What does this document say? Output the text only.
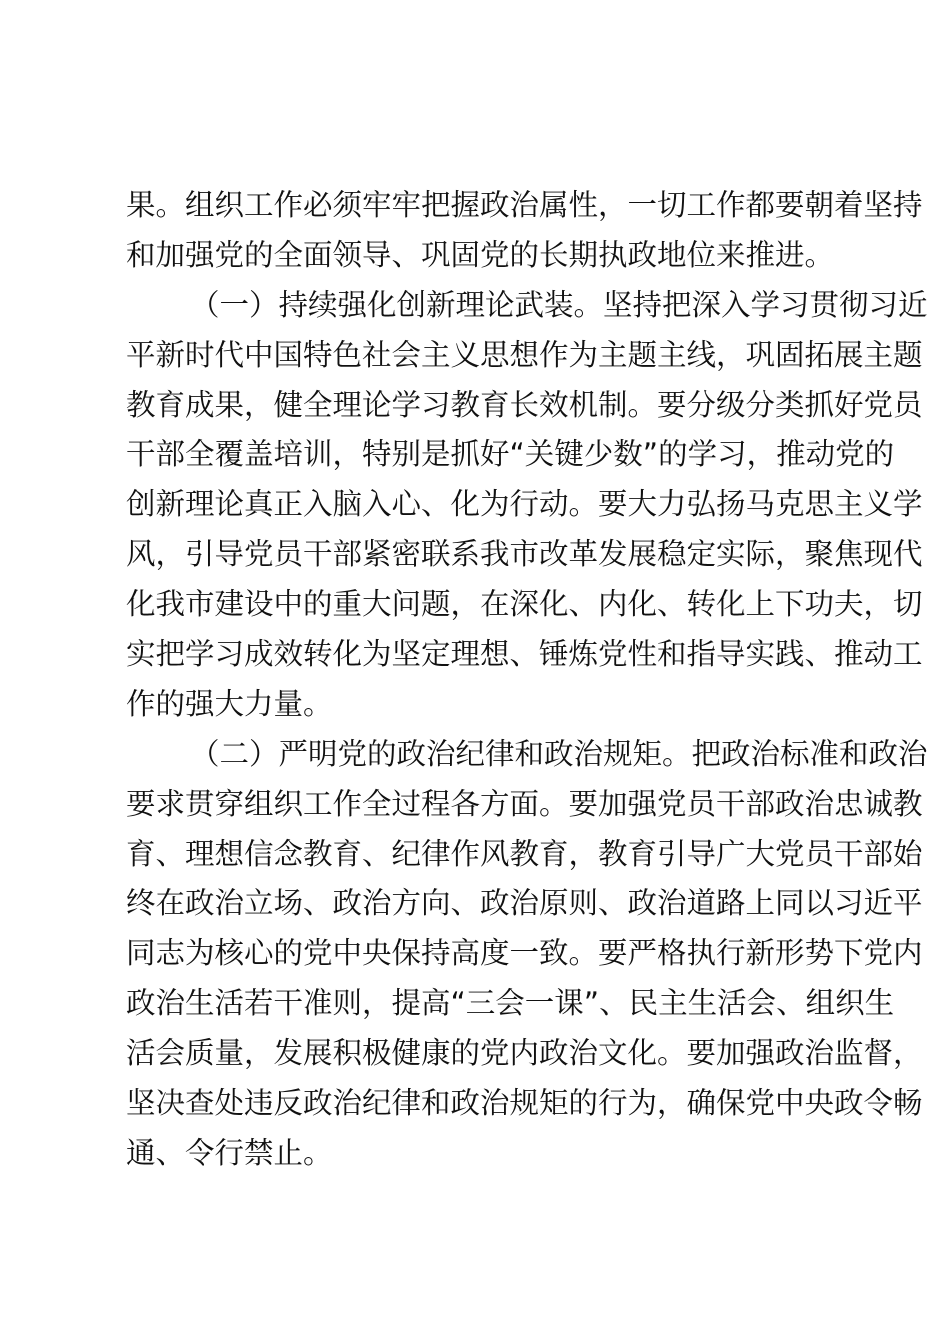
果。组织工作必须牢牢把握政治属性，一切工作都要朝着坚持
和加强党的全面领导、巩固党的长期执政地位来推进。
（一）持续强化创新理论武装。坚持把深入学习贯彻习近
平新时代中国特色社会主义思想作为主题主线，巩固拓展主题
教育成果，健全理论学习教育长效机制。要分级分类抓好党员
干部全覆盖培训，特别是抓好“关键少数”的学习，推动党的
创新理论真正入脑入心、化为行动。要大力弘扬马克思主义学
风，引导党员干部紧密联系我市改革发展稳定实际，聚焦现代
化我市建设中的重大问题，在深化、内化、转化上下功夫，切
实把学习成效转化为坚定理想、锤炼党性和指导实践、推动工
作的强大力量。
（二）严明党的政治纪律和政治规矩。把政治标准和政治
要求贯穿组织工作全过程各方面。要加强党员干部政治忠诚教
育、理想信念教育、纪律作风教育，教育引导广大党员干部始
终在政治立场、政治方向、政治原则、政治道路上同以习近平
同志为核心的党中央保持高度一致。要严格执行新形势下党内
政治生活若干准则，提高“三会一课”、民主生活会、组织生
活会质量，发展积极健康的党内政治文化。要加强政治监督，
坚决查处违反政治纪律和政治规矩的行为，确保党中央政令畅
通、令行禁止。
